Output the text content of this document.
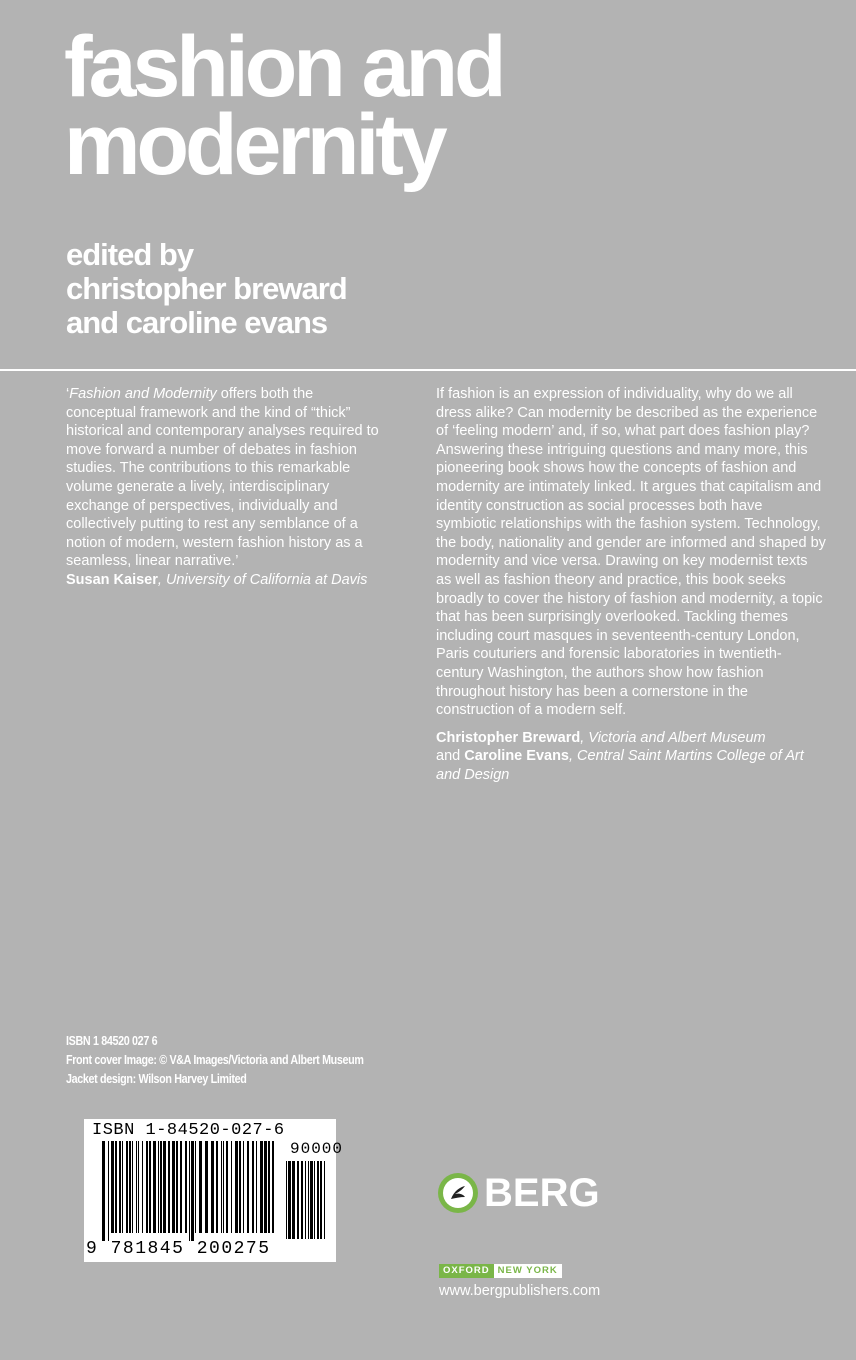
fashion and
modernity
edited by
christopher breward
and caroline evans

‘Fashion and Modernity offers both the conceptual framework and the kind of “thick” historical and contemporary analyses required to move forward a number of debates in fashion studies. The contributions to this remarkable volume generate a lively, interdisciplinary exchange of perspectives, individually and collectively putting to rest any semblance of a notion of modern, western fashion history as a seamless, linear narrative.’

Susan Kaiser, University of California at Davis

If fashion is an expression of individuality, why do we all dress alike? Can modernity be described as the experience of ‘feeling modern’ and, if so, what part does fashion play? Answering these intriguing questions and many more, this pioneering book shows how the concepts of fashion and modernity are intimately linked. It argues that capitalism and identity construction as social processes both have symbiotic relationships with the fashion system. Technology, the body, nationality and gender are informed and shaped by modernity and vice versa. Drawing on key modernist texts as well as fashion theory and practice, this book seeks broadly to cover the history of fashion and modernity, a topic that has been surprisingly overlooked. Tackling themes including court masques in seventeenth-century London, Paris couturiers and forensic laboratories in twentieth-century Washington, the authors show how fashion throughout history has been a cornerstone in the construction of a modern self.

Christopher Breward, Victoria and Albert Museum
and Caroline Evans, Central Saint Martins College of Art and Design

ISBN 1 84520 027 6
Front cover Image: © V&A Images/Victoria and Albert Museum
Jacket design: Wilson Harvey Limited
ISBN 1-84520-027-6
90000
9 781845 200275
BERG
OXFORD NEW YORK
www.bergpublishers.com
